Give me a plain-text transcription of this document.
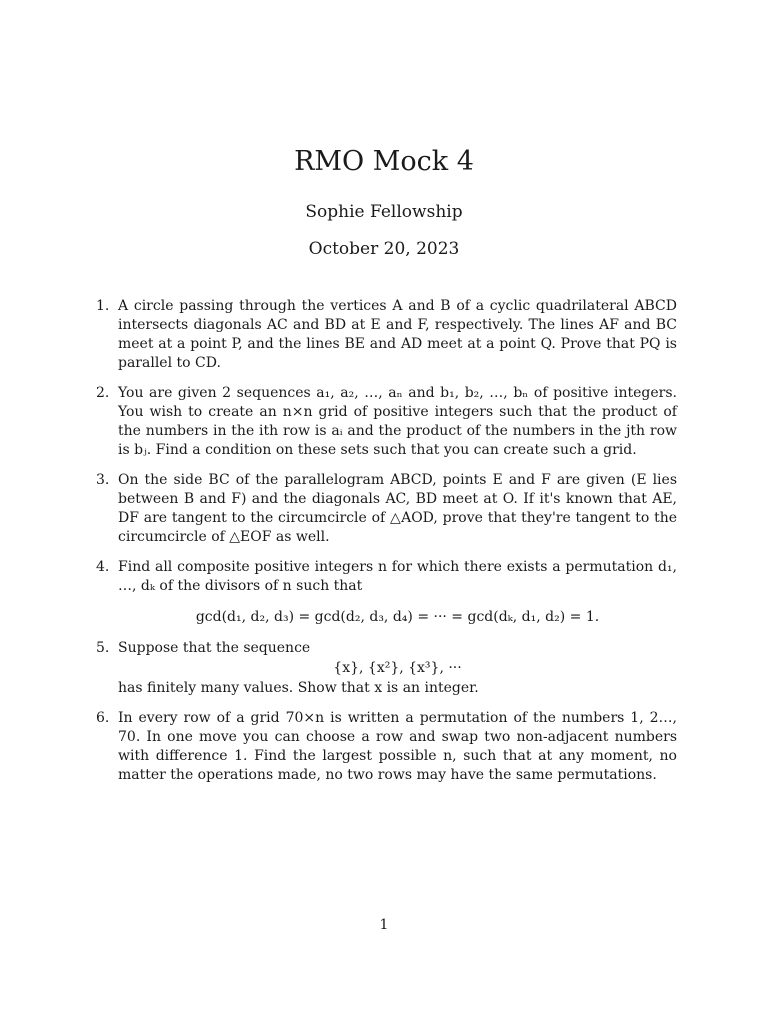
RMO Mock 4
Sophie Fellowship
October 20, 2023
1. A circle passing through the vertices A and B of a cyclic quadrilateral ABCD intersects diagonals AC and BD at E and F, respectively. The lines AF and BC meet at a point P, and the lines BE and AD meet at a point Q. Prove that PQ is parallel to CD.
2. You are given 2 sequences a₁, a₂, …, aₙ and b₁, b₂, …, bₙ of positive integers. You wish to create an n×n grid of positive integers such that the product of the numbers in the ith row is aᵢ and the product of the numbers in the jth row is bⱼ. Find a condition on these sets such that you can create such a grid.
3. On the side BC of the parallelogram ABCD, points E and F are given (E lies between B and F) and the diagonals AC, BD meet at O. If it's known that AE, DF are tangent to the circumcircle of △AOD, prove that they're tangent to the circumcircle of △EOF as well.
4. Find all composite positive integers n for which there exists a permutation d₁, …, dₖ of the divisors of n such that
gcd(d₁, d₂, d₃) = gcd(d₂, d₃, d₄) = ··· = gcd(dₖ, d₁, d₂) = 1.
5. Suppose that the sequence
{x}, {x²}, {x³}, ···
has finitely many values. Show that x is an integer.
6. In every row of a grid 70×n is written a permutation of the numbers 1, 2…, 70. In one move you can choose a row and swap two non-adjacent numbers with difference 1. Find the largest possible n, such that at any moment, no matter the operations made, no two rows may have the same permutations.
1
